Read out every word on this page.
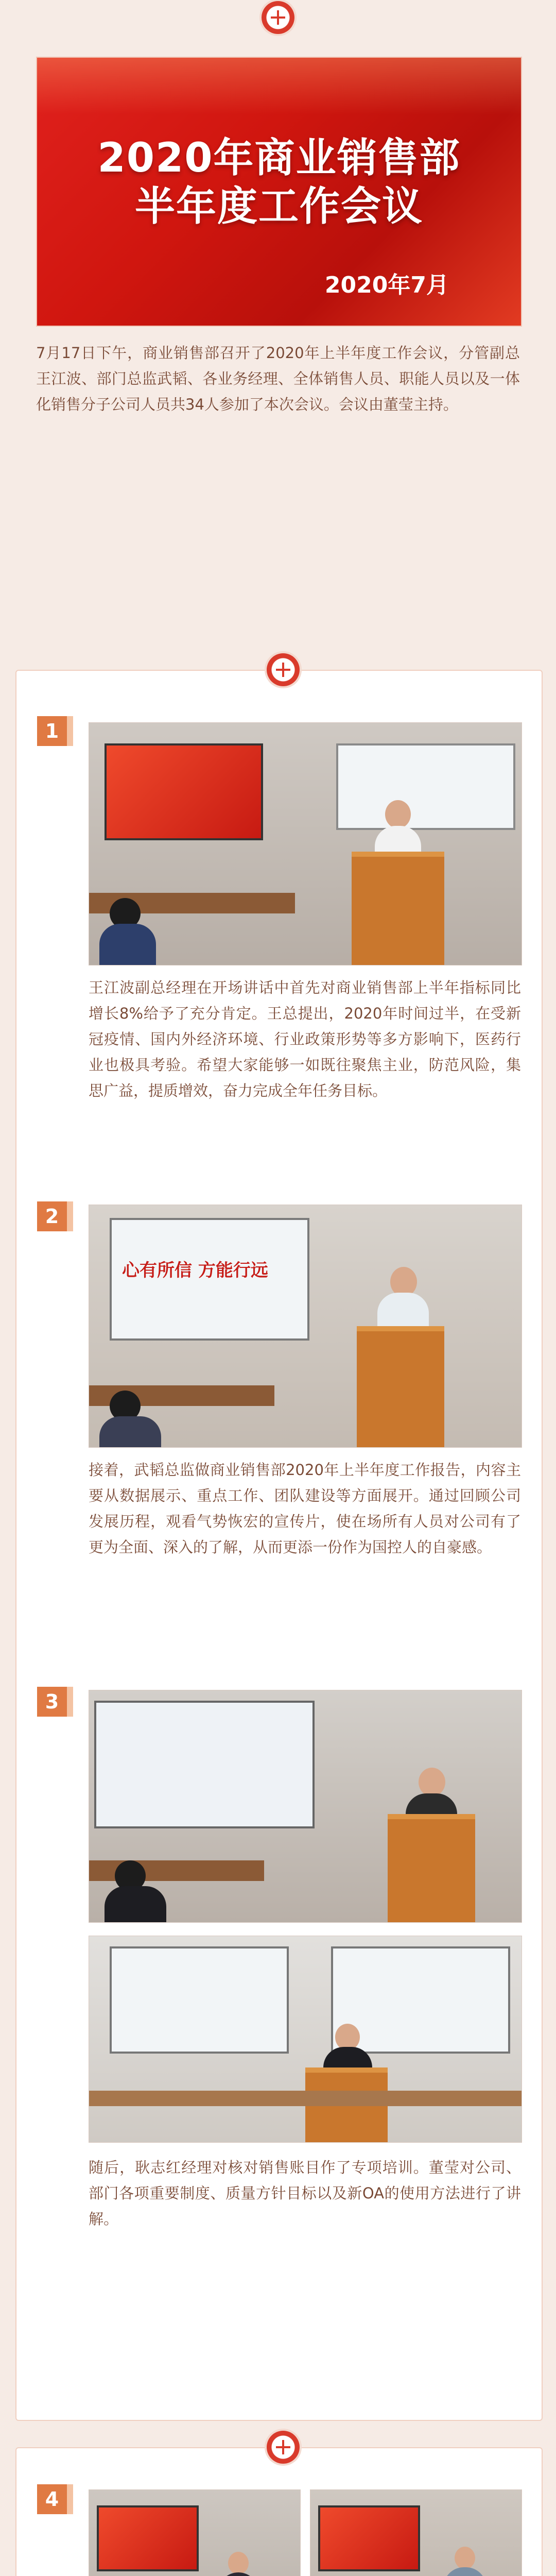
2020年商业销售部
半年度工作会议
2020年7月
7月17日下午，商业销售部召开了2020年上半年度工作会议，分管副总王江波、部门总监武韬、各业务经理、全体销售人员、职能人员以及一体化销售分子公司人员共34人参加了本次会议。会议由董莹主持。
1
王江波副总经理在开场讲话中首先对商业销售部上半年指标同比增长8%给予了充分肯定。王总提出，2020年时间过半，在受新冠疫情、国内外经济环境、行业政策形势等多方影响下，医药行业也极具考验。希望大家能够一如既往聚焦主业，防范风险，集思广益，提质增效，奋力完成全年任务目标。
2
心有所信 方能行远
接着，武韬总监做商业销售部2020年上半年度工作报告，内容主要从数据展示、重点工作、团队建设等方面展开。通过回顾公司发展历程，观看气势恢宏的宣传片，使在场所有人员对公司有了更为全面、深入的了解，从而更添一份作为国控人的自豪感。
3
随后，耿志红经理对核对销售账目作了专项培训。董莹对公司、部门各项重要制度、质量方针目标以及新OA的使用方法进行了讲解。
4
